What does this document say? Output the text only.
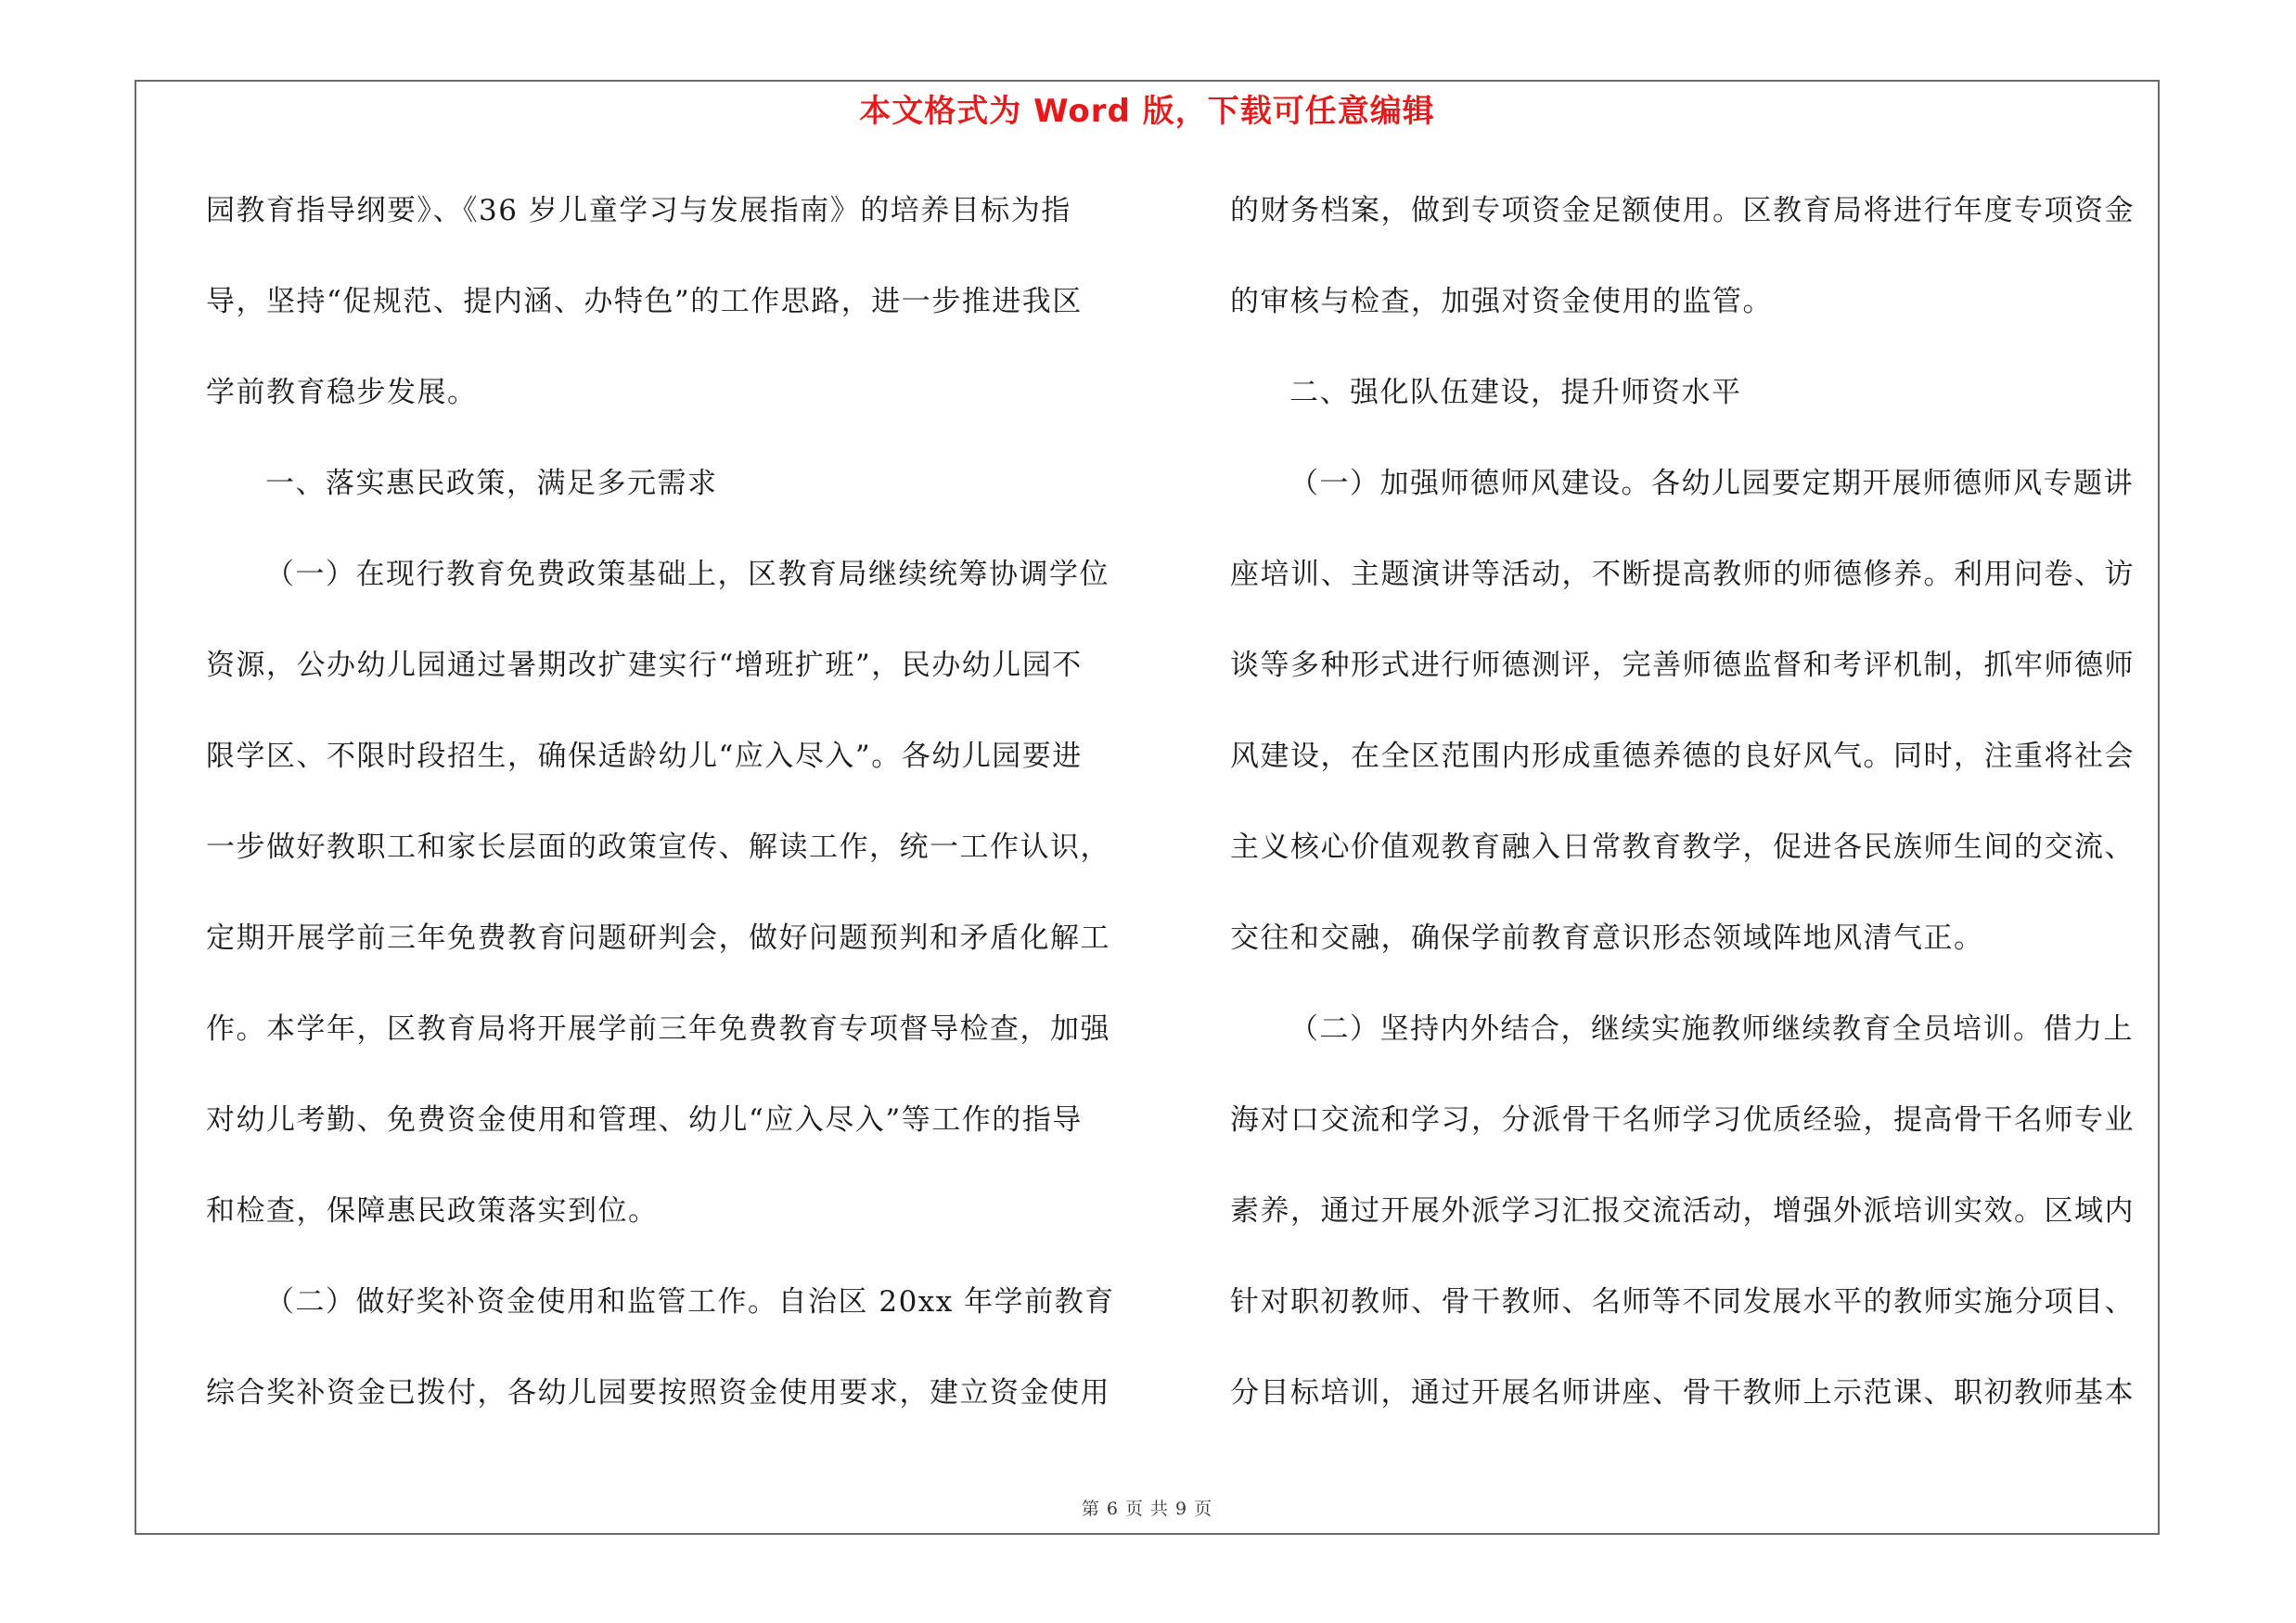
本文格式为 Word 版，下载可任意编辑
园教育指导纲要》、《36 岁儿童学习与发展指南》的培养目标为指
导，坚持“促规范、提内涵、办特色”的工作思路，进一步推进我区
学前教育稳步发展。
一、落实惠民政策，满足多元需求
（一）在现行教育免费政策基础上，区教育局继续统筹协调学位
资源，公办幼儿园通过暑期改扩建实行“增班扩班”，民办幼儿园不
限学区、不限时段招生，确保适龄幼儿“应入尽入”。各幼儿园要进
一步做好教职工和家长层面的政策宣传、解读工作，统一工作认识，
定期开展学前三年免费教育问题研判会，做好问题预判和矛盾化解工
作。本学年，区教育局将开展学前三年免费教育专项督导检查，加强
对幼儿考勤、免费资金使用和管理、幼儿“应入尽入”等工作的指导
和检查，保障惠民政策落实到位。
（二）做好奖补资金使用和监管工作。自治区 20xx 年学前教育
综合奖补资金已拨付，各幼儿园要按照资金使用要求，建立资金使用
的财务档案，做到专项资金足额使用。区教育局将进行年度专项资金
的审核与检查，加强对资金使用的监管。
二、强化队伍建设，提升师资水平
（一）加强师德师风建设。各幼儿园要定期开展师德师风专题讲
座培训、主题演讲等活动，不断提高教师的师德修养。利用问卷、访
谈等多种形式进行师德测评，完善师德监督和考评机制，抓牢师德师
风建设，在全区范围内形成重德养德的良好风气。同时，注重将社会
主义核心价值观教育融入日常教育教学，促进各民族师生间的交流、
交往和交融，确保学前教育意识形态领域阵地风清气正。
（二）坚持内外结合，继续实施教师继续教育全员培训。借力上
海对口交流和学习，分派骨干名师学习优质经验，提高骨干名师专业
素养，通过开展外派学习汇报交流活动，增强外派培训实效。区域内
针对职初教师、骨干教师、名师等不同发展水平的教师实施分项目、
分目标培训，通过开展名师讲座、骨干教师上示范课、职初教师基本
第 6 页 共 9 页
